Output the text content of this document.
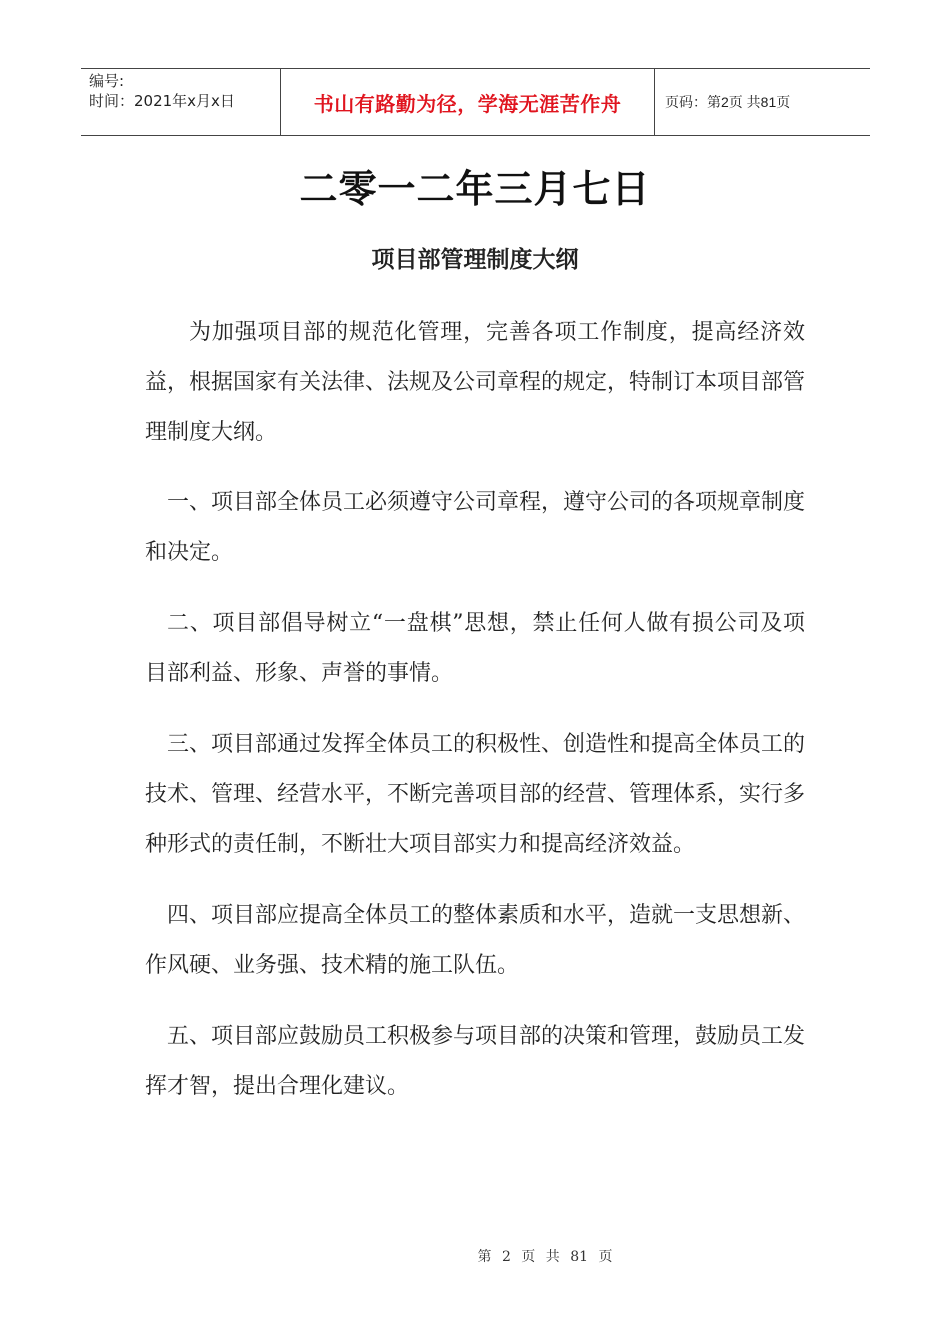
编号:
时间：2021年x月x日	书山有路勤为径，学海无涯苦作舟	页码：第2页 共81页
二零一二年三月七日
项目部管理制度大纲

为加强项目部的规范化管理，完善各项工作制度，提高经济效益，根据国家有关法律、法规及公司章程的规定，特制订本项目部管理制度大纲。

一、项目部全体员工必须遵守公司章程，遵守公司的各项规章制度和决定。

二、项目部倡导树立“一盘棋”思想，禁止任何人做有损公司及项目部利益、形象、声誉的事情。

三、项目部通过发挥全体员工的积极性、创造性和提高全体员工的技术、管理、经营水平，不断完善项目部的经营、管理体系，实行多种形式的责任制，不断壮大项目部实力和提高经济效益。

四、项目部应提高全体员工的整体素质和水平，造就一支思想新、作风硬、业务强、技术精的施工队伍。

五、项目部应鼓励员工积极参与项目部的决策和管理，鼓励员工发挥才智，提出合理化建议。

第 2 页 共 81 页
